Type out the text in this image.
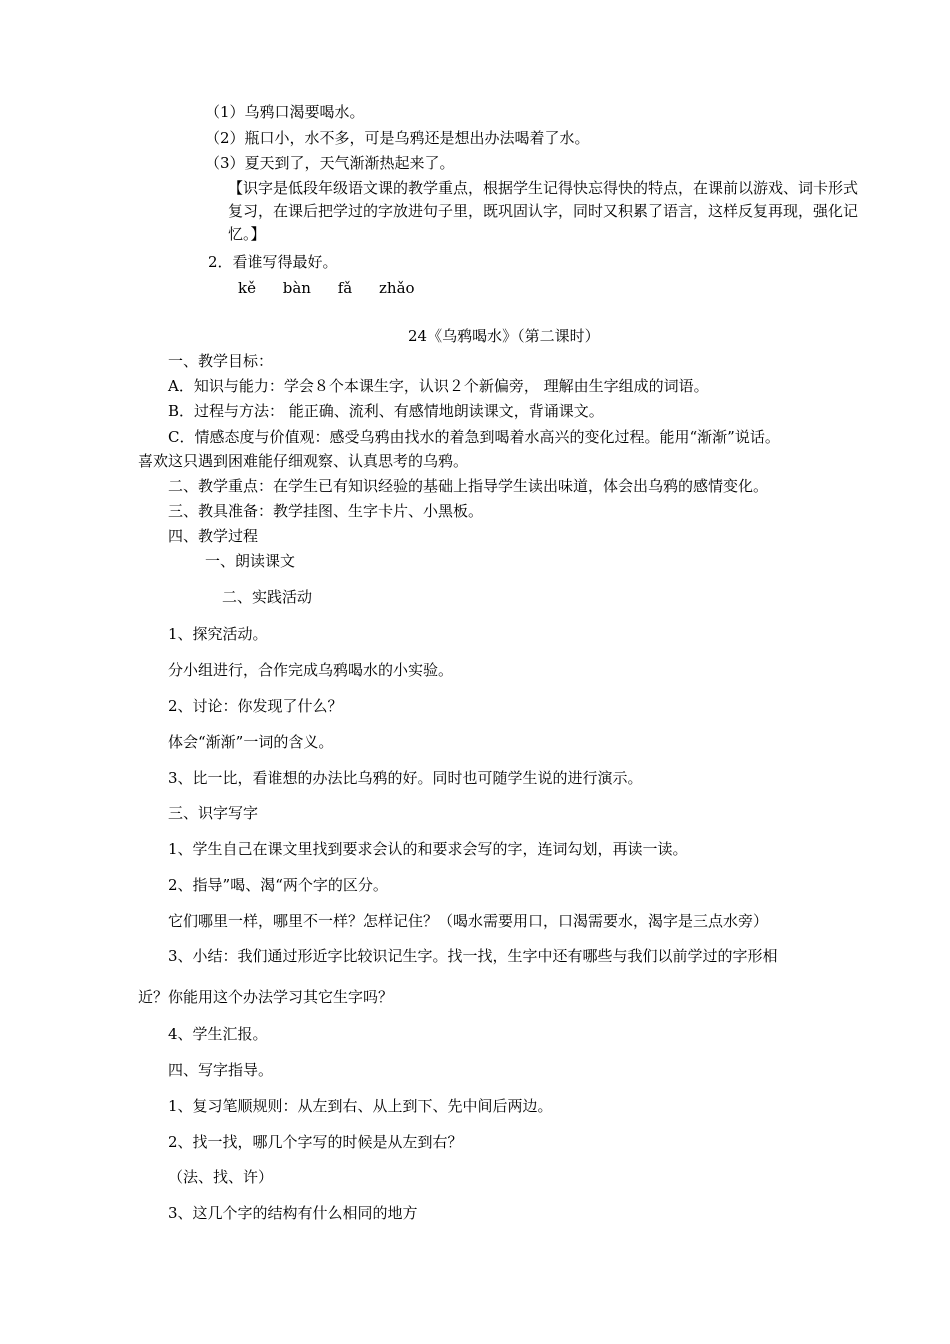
（1）乌鸦口渴要喝水。
（2）瓶口小，水不多，可是乌鸦还是想出办法喝着了水。
（3）夏天到了，天气渐渐热起来了。
【识字是低段年级语文课的教学重点，根据学生记得快忘得快的特点，在课前以游戏、词卡形式复习，在课后把学过的字放进句子里，既巩固认字，同时又积累了语言，这样反复再现，强化记忆。】
2．看谁写得最好。
kě bàn fǎ zhǎo
24《乌鸦喝水》（第二课时）
一、教学目标：
A．知识与能力：学会８个本课生字，认识２个新偏旁， 理解由生字组成的词语。
B．过程与方法： 能正确、流利、有感情地朗读课文，背诵课文。
C．情感态度与价值观：感受乌鸦由找水的着急到喝着水高兴的变化过程。能用“渐渐”说话。
喜欢这只遇到困难能仔细观察、认真思考的乌鸦。
二、教学重点：在学生已有知识经验的基础上指导学生读出味道，体会出乌鸦的感情变化。
三、教具准备：教学挂图、生字卡片、小黑板。
四、教学过程
一、朗读课文
二、实践活动
1、探究活动。
分小组进行，合作完成乌鸦喝水的小实验。
2、讨论：你发现了什么？
体会“渐渐”一词的含义。
3、比一比，看谁想的办法比乌鸦的好。同时也可随学生说的进行演示。
三、识字写字
1、学生自己在课文里找到要求会认的和要求会写的字，连词勾划，再读一读。
2、指导”喝、渴“两个字的区分。
它们哪里一样，哪里不一样？怎样记住？（喝水需要用口，口渴需要水，渴字是三点水旁）
3、小结：我们通过形近字比较识记生字。找一找，生字中还有哪些与我们以前学过的字形相
近？你能用这个办法学习其它生字吗？
4、学生汇报。
四、写字指导。
1、复习笔顺规则：从左到右、从上到下、先中间后两边。
2、找一找，哪几个字写的时候是从左到右？
（法、找、许）
3、这几个字的结构有什么相同的地方
